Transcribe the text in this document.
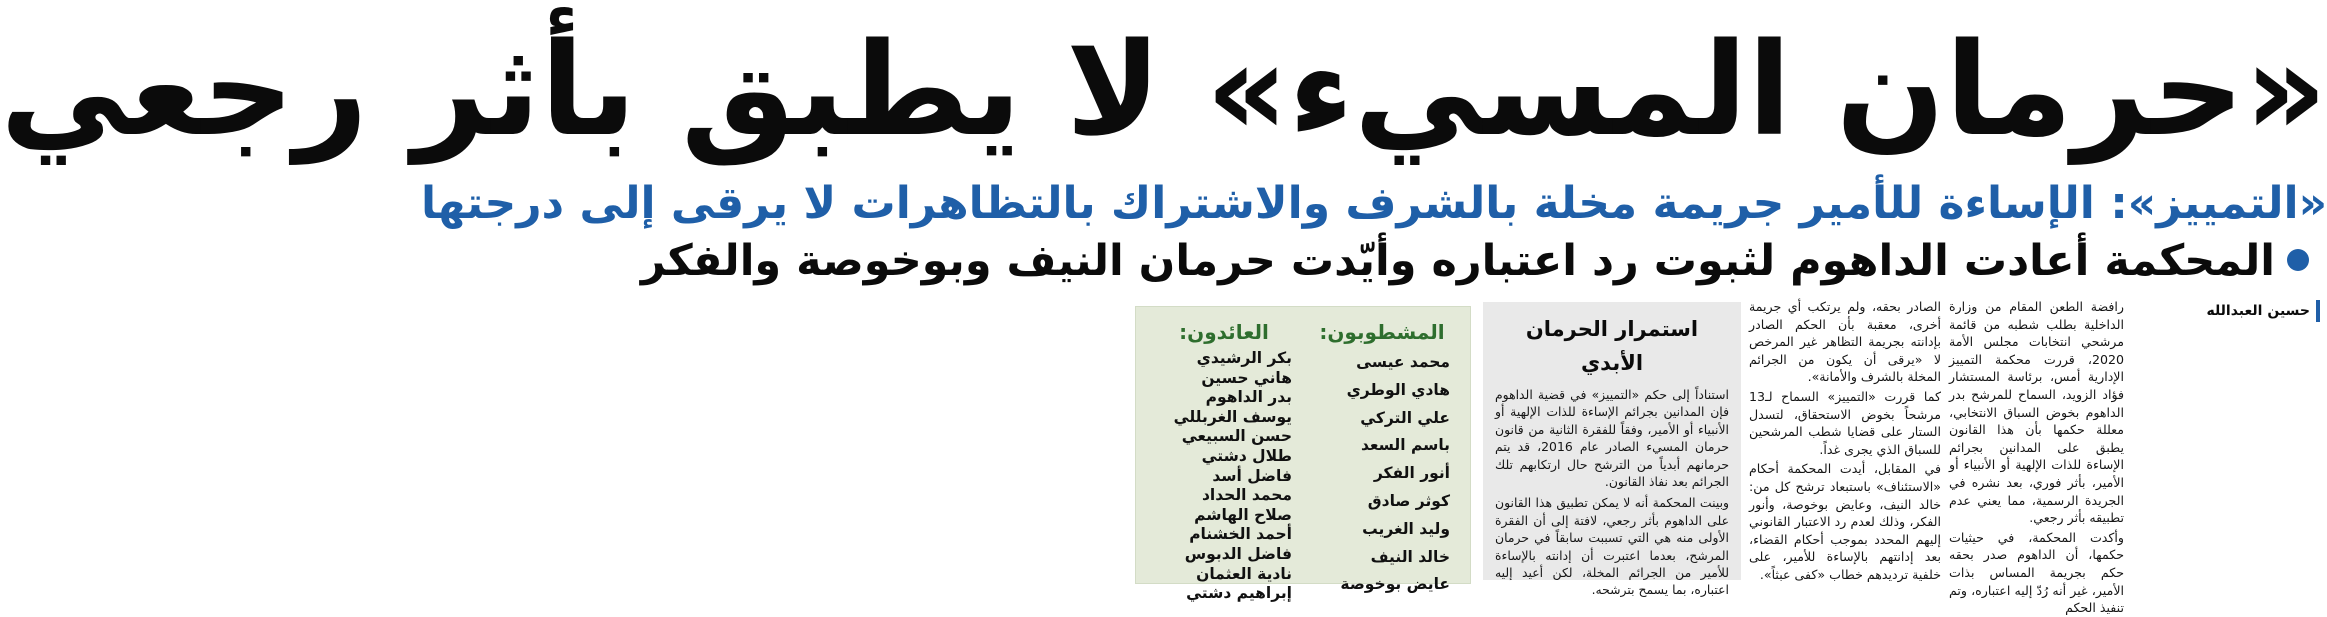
«حرمان المسيء» لا يطبق بأثر رجعي
«التمييز»: الإساءة للأمير جريمة مخلة بالشرف والاشتراك بالتظاهرات لا يرقى إلى درجتها
المحكمة أعادت الداهوم لثبوت رد اعتباره وأيّدت حرمان النيف وبوخوصة والفكر
حسين العبدالله

رافضة الطعن المقام من وزارة الداخلية بطلب شطبه من قائمة مرشحي انتخابات مجلس الأمة 2020، قررت محكمة التمييز الإدارية أمس، برئاسة المستشار فؤاد الزويد، السماح للمرشح بدر الداهوم بخوض السباق الانتخابي، معللة حكمها بأن هذا القانون يطبق على المدانين بجرائم الإساءة للذات الإلهية أو الأنبياء أو الأمير، بأثر فوري، بعد نشره في الجريدة الرسمية، مما يعني عدم تطبيقه بأثر رجعي.

وأكدت المحكمة، في حيثيات حكمها، أن الداهوم صدر بحقه حكم بجريمة المساس بذات الأمير، غير أنه رُدّ إليه اعتباره، وتم تنفيذ الحكم

الصادر بحقه، ولم يرتكب أي جريمة أخرى، معقبة بأن الحكم الصادر بإدانته بجريمة التظاهر غير المرخص لا «يرقى أن يكون من الجرائم المخلة بالشرف والأمانة».

كما قررت «التمييز» السماح لـ13 مرشحاً بخوض الاستحقاق، لتسدل الستار على قضايا شطب المرشحين للسباق الذي يجرى غداً.

في المقابل، أيدت المحكمة أحكام «الاستئناف» باستبعاد ترشح كل من: خالد النيف، وعايض بوخوصة، وأنور الفكر، وذلك لعدم رد الاعتبار القانوني إليهم المحدد بموجب أحكام القضاء، بعد إدانتهم بالإساءة للأمير، على خلفية ترديدهم خطاب «كفى عبثاً».

استمرار الحرمان الأبدي

استناداً إلى حكم «التمييز» في قضية الداهوم فإن المدانين بجرائم الإساءة للذات الإلهية أو الأنبياء أو الأمير، وفقاً للفقرة الثانية من قانون حرمان المسيء الصادر عام 2016، قد يتم حرمانهم أبدياً من الترشح حال ارتكابهم تلك الجرائم بعد نفاذ القانون.

وبينت المحكمة أنه لا يمكن تطبيق هذا القانون على الداهوم بأثر رجعي، لافتة إلى أن الفقرة الأولى منه هي التي تسببت سابقاً في حرمان المرشح، بعدما اعتبرت أن إدانته بالإساءة للأمير من الجرائم المخلة، لكن أعيد إليه اعتباره، بما يسمح بترشحه.

المشطوبون:
محمد عيسى
هادي الوطري
علي التركي
باسم السعد
أنور الفكر
كوثر صادق
وليد الغريب
خالد النيف
عايض بوخوصة
العائدون:
بكر الرشيدي
هاني حسين
بدر الداهوم
يوسف الغربللي
حسن السبيعي
طلال دشتي
فاضل أسد
محمد الحداد
صلاح الهاشم
أحمد الخشنام
فاضل الدبوس
نادية العثمان
إبراهيم دشتي
